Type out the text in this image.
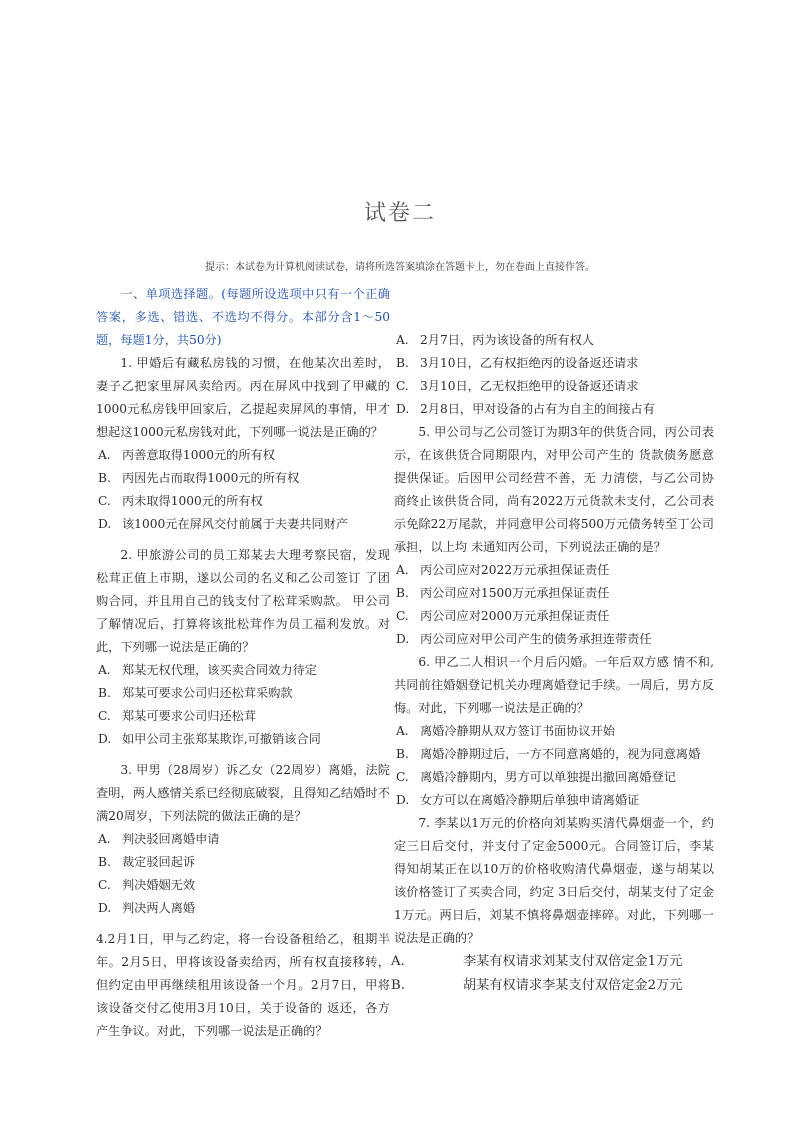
试卷二
提示：本试卷为计算机阅读试卷，请将所选答案填涂在答题卡上，勿在卷面上直接作答。

一、单项选择题。(每题所设选项中只有一个正确答案，多选、错选、不选均不得分。本部分含1～50题，每题1分，共50分)

1. 甲婚后有藏私房钱的习惯，在他某次出差时，妻子乙把家里屏风卖给丙。丙在屏风中找到了甲藏的1000元私房钱甲回家后，乙提起卖屏风的事情，甲才想起这1000元私房钱对此，下列哪一说法是正确的？

A. 丙善意取得1000元的所有权

B. 丙因先占而取得1000元的所有权

C. 丙未取得1000元的所有权

D. 该1000元在屏风交付前属于夫妻共同财产

2. 甲旅游公司的员工郑某去大理考察民宿，发现松茸正值上市期，遂以公司的名义和乙公司签订 了团购合同，并且用自己的钱支付了松茸采购款。 甲公司了解情况后，打算将该批松茸作为员工福利发放。对此，下列哪一说法是正确的？

A. 郑某无权代理，该买卖合同效力待定

B. 郑某可要求公司归还松茸采购款

C. 郑某可要求公司归还松茸

D. 如甲公司主张郑某欺诈,可撤销该合同

3. 甲男（28周岁）诉乙女（22周岁）离婚，法院查明，两人感情关系已经彻底破裂，且得知乙结婚时不 满20周岁，下列法院的做法正确的是？

A. 判决驳回离婚申请

B. 裁定驳回起诉

C. 判决婚姻无效

D. 判决两人离婚

4.2月1日，甲与乙约定，将一台设备租给乙，租期半年。2月5日，甲将该设备卖给丙，所有权直接移转，但约定由甲再继续租用该设备一个月。2月7日，甲将该设备交付乙使用3月10日，关于设备的 返还，各方产生争议。对此，下列哪一说法是正确的？

A. 2月7日，丙为该设备的所有权人

B. 3月10日，乙有权拒绝丙的设备返还请求

C. 3月10日，乙无权拒绝甲的设备返还请求

D. 2月8日，甲对设备的占有为自主的间接占有

5. 甲公司与乙公司签订为期3年的供货合同，丙公司表示，在该供货合同期限内，对甲公司产生的 货款债务愿意提供保证。后因甲公司经营不善，无 力清偿，与乙公司协商终止该供货合同，尚有2022万元货款未支付，乙公司表示免除22万尾款，并同意甲公司将500万元债务转至丁公司承担，以上均 未通知丙公司，下列说法正确的是？

A. 丙公司应对2022万元承担保证责任

B. 丙公司应对1500万元承担保证责任

C. 丙公司应对2000万元承担保证责任

D. 丙公司应对甲公司产生的债务承担连带责任

6. 甲乙二人相识一个月后闪婚。一年后双方感 情不和,共同前往婚姻登记机关办理离婚登记手续。一周后，男方反悔。对此，下列哪一说法是正确的？

A. 离婚冷静期从双方签订书面协议开始

B. 离婚冷静期过后，一方不同意离婚的，视为同意离婚

C. 离婚冷静期内，男方可以单独提出撤回离婚登记

D. 女方可以在离婚冷静期后单独申请离婚证

7. 李某以1万元的价格向刘某购买清代鼻烟壶一个，约定三日后交付，并支付了定金5000元。合同签订后，李某得知胡某正在以10万的价格收购清代鼻烟壶，遂与胡某以该价格签订了买卖合同，约定 3日后交付，胡某支付了定金1万元。两日后，刘某不慎将鼻烟壶摔碎。对此，下列哪一说法是正确的？

A.	李某有权请求刘某支付双倍定金1万元

B.	胡某有权请求李某支付双倍定金2万元
